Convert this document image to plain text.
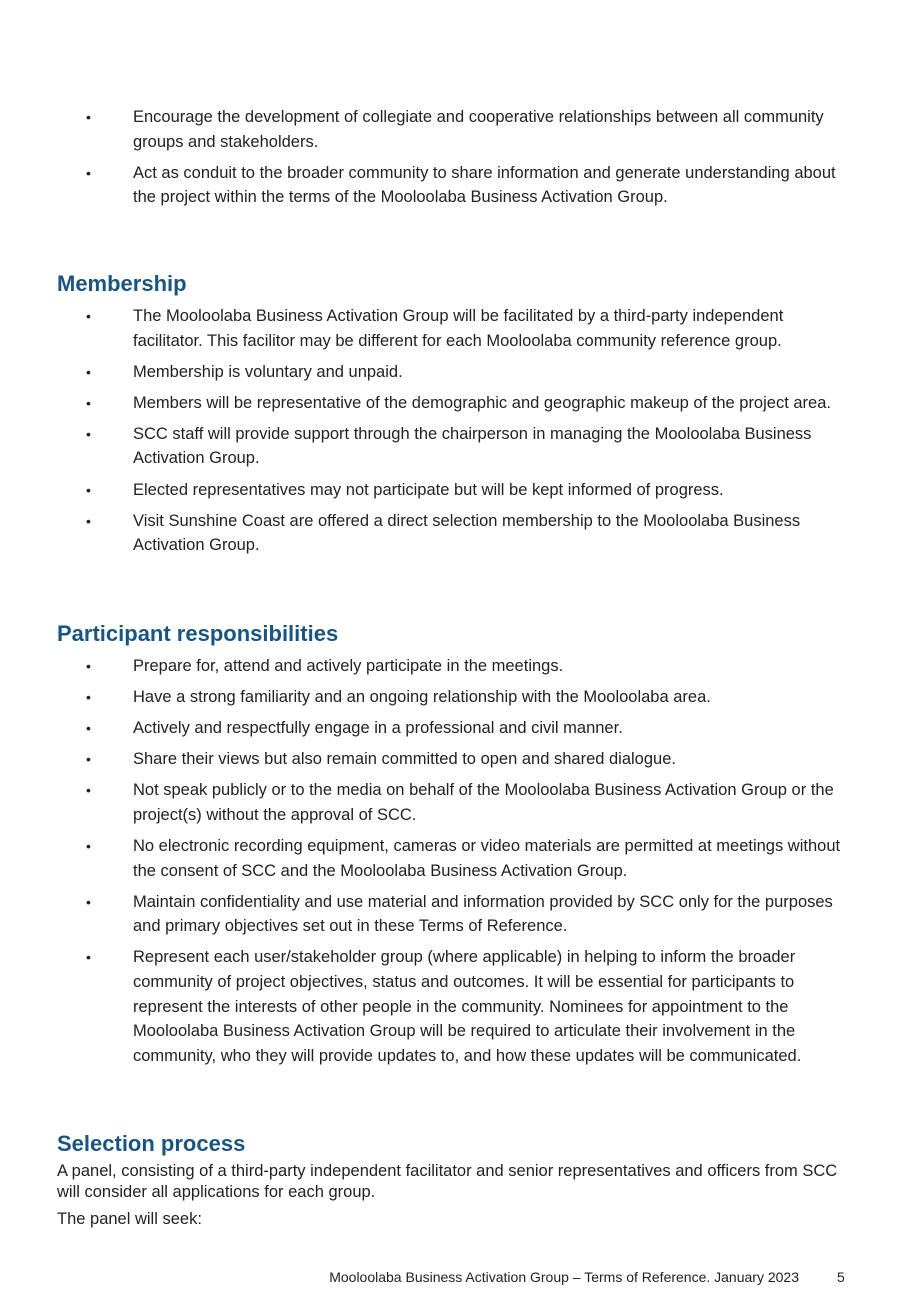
•	Encourage the development of collegiate and cooperative relationships between all community groups and stakeholders.
•	Act as conduit to the broader community to share information and generate understanding about the project within the terms of the Mooloolaba Business Activation Group.
Membership
•	The Mooloolaba Business Activation Group will be facilitated by a third-party independent facilitator. This facilitor may be different for each Mooloolaba community reference group.
•	Membership is voluntary and unpaid.
•	Members will be representative of the demographic and geographic makeup of the project area.
•	SCC staff will provide support through the chairperson in managing the Mooloolaba Business Activation Group.
•	Elected representatives may not participate but will be kept informed of progress.
•	Visit Sunshine Coast are offered a direct selection membership to the Mooloolaba Business Activation Group.
Participant responsibilities
•	Prepare for, attend and actively participate in the meetings.
•	Have a strong familiarity and an ongoing relationship with the Mooloolaba area.
•	Actively and respectfully engage in a professional and civil manner.
•	Share their views but also remain committed to open and shared dialogue.
•	Not speak publicly or to the media on behalf of the Mooloolaba Business Activation Group or the project(s) without the approval of SCC.
•	No electronic recording equipment, cameras or video materials are permitted at meetings without the consent of SCC and the Mooloolaba Business Activation Group.
•	Maintain confidentiality and use material and information provided by SCC only for the purposes and primary objectives set out in these Terms of Reference.
•	Represent each user/stakeholder group (where applicable) in helping to inform the broader community of project objectives, status and outcomes. It will be essential for participants to represent the interests of other people in the community. Nominees for appointment to the Mooloolaba Business Activation Group will be required to articulate their involvement in the community, who they will provide updates to, and how these updates will be communicated.
Selection process

A panel, consisting of a third-party independent facilitator and senior representatives and officers from SCC will consider all applications for each group.

The panel will seek:

Mooloolaba Business Activation Group – Terms of Reference. January 2023	5
